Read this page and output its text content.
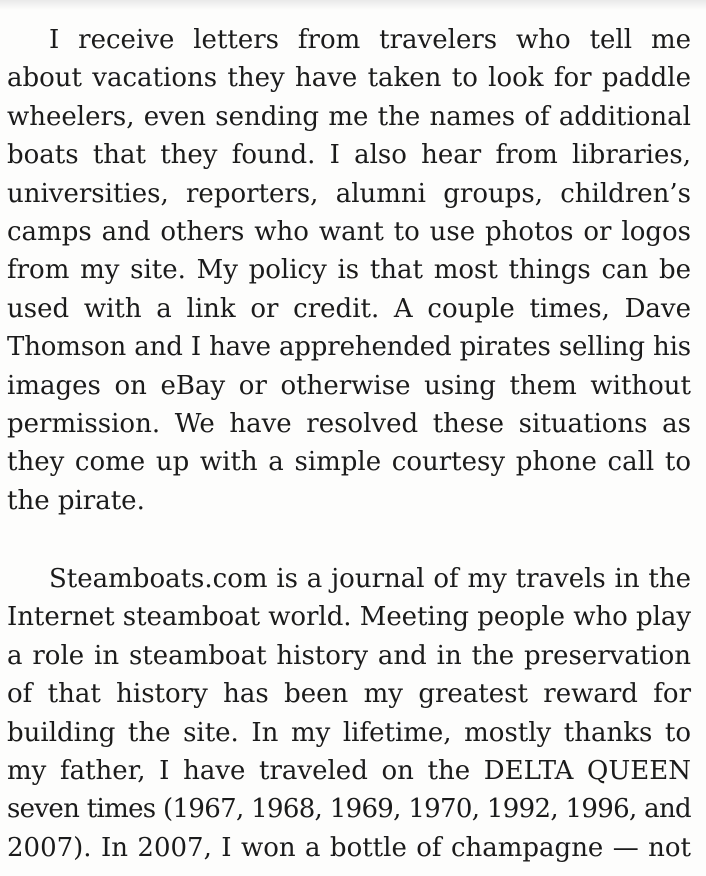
I receive letters from travelers who tell me
about vacations they have taken to look for paddle
wheelers, even sending me the names of additional
boats that they found. I also hear from libraries,
universities, reporters, alumni groups, children’s
camps and others who want to use photos or logos
from my site. My policy is that most things can be
used with a link or credit. A couple times, Dave
Thomson and I have apprehended pirates selling his
images on eBay or otherwise using them without
permission. We have resolved these situations as
they come up with a simple courtesy phone call to
the pirate.
Steamboats.com is a journal of my travels in the
Internet steamboat world. Meeting people who play
a role in steamboat history and in the preservation
of that history has been my greatest reward for
building the site. In my lifetime, mostly thanks to
my father, I have traveled on the DELTA QUEEN
seven times (1967, 1968, 1969, 1970, 1992, 1996, and
2007). In 2007, I won a bottle of champagne — not
